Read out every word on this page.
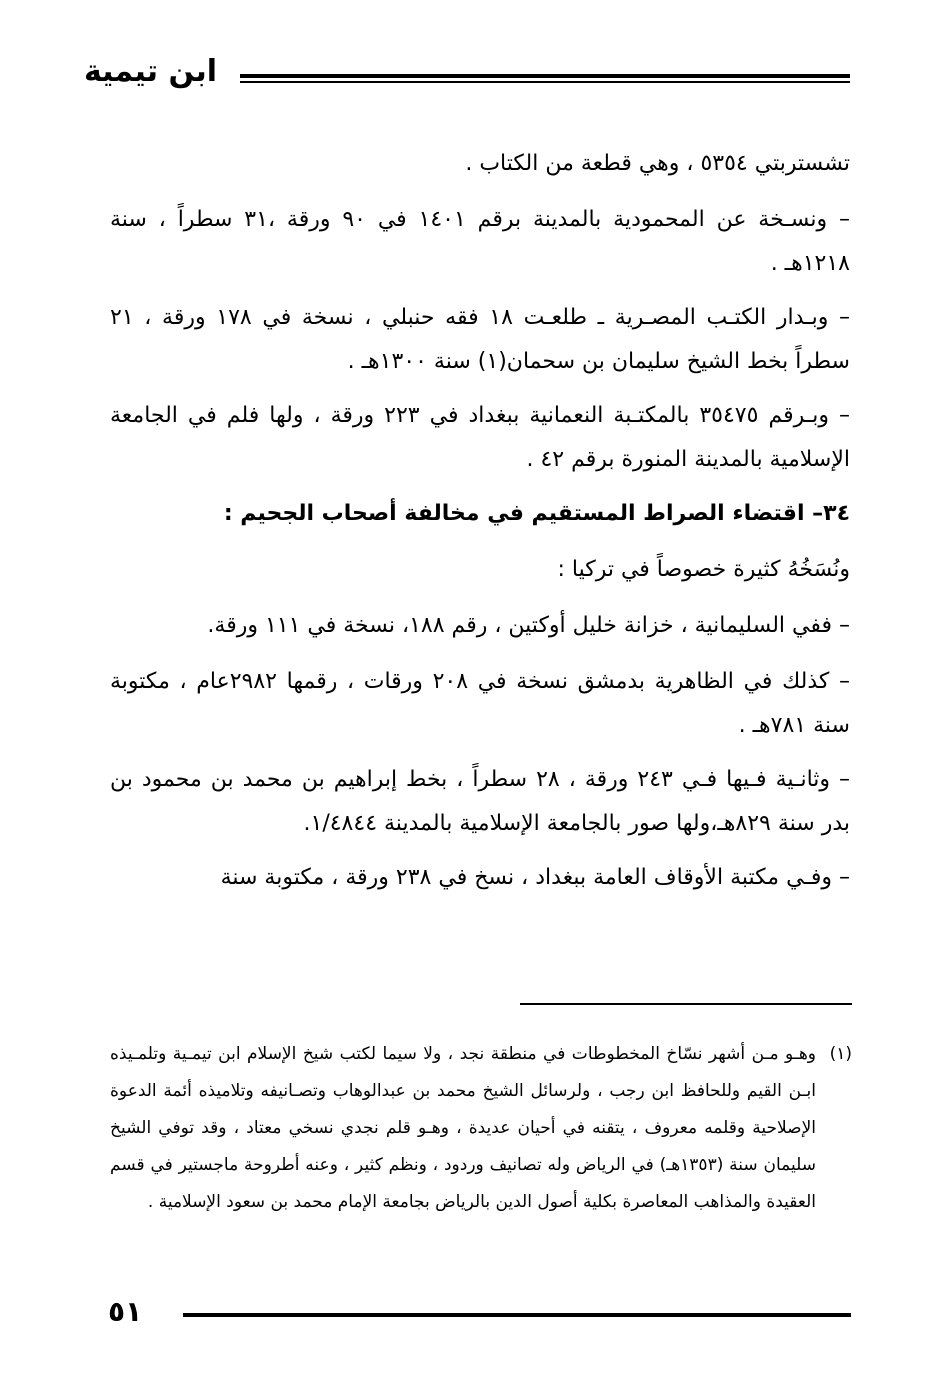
ابن تيمية

تشستربتي ٥٣٥٤ ، وهي قطعة من الكتاب .

– ونسـخة عن المحمودية بالمدينة برقم ١٤٠١ في ٩٠ ورقة ،٣١ سطراً ، سنة ١٢١٨هـ .

– وبـدار الكتـب المصـرية ـ طلعـت ١٨ فقه حنبلي ، نسخة في ١٧٨ ورقة ، ٢١ سطراً بخط الشيخ سليمان بن سحمان(١) سنة ١٣٠٠هـ .

– وبـرقم ٣٥٤٧٥ بالمكتـبة النعمانية ببغداد في ٢٢٣ ورقة ، ولها فلم في الجامعة الإسلامية بالمدينة المنورة برقم ٤٢ .

٣٤– اقتضاء الصراط المستقيم في مخالفة أصحاب الجحيم :

ونُسَخُهُ كثيرة خصوصاً في تركيا :

– ففي السليمانية ، خزانة خليل أوكتين ، رقم ١٨٨، نسخة في ١١١ ورقة.

– كذلك في الظاهرية بدمشق نسخة في ٢٠٨ ورقات ، رقمها ٢٩٨٢عام ، مكتوبة سنة ٧٨١هـ .

– وثانـية فـيها فـي ٢٤٣ ورقة ، ٢٨ سطراً ، بخط إبراهيم بن محمد بن محمود بن بدر سنة ٨٢٩هـ،ولها صور بالجامعة الإسلامية بالمدينة ١/٤٨٤٤.

– وفـي مكتبة الأوقاف العامة ببغداد ، نسخ في ٢٣٨ ورقة ، مكتوبة سنة

(١)
وهـو مـن أشهر نسّاخ المخطوطات في منطقة نجد ، ولا سيما لكتب شيخ الإسلام ابن تيمـية وتلمـيذه ابـن القيم وللحافظ ابن رجب ، ولرسائل الشيخ محمد بن عبدالوهاب وتصـانيفه وتلاميذه أئمة الدعوة الإصلاحية وقلمه معروف ، يتقنه في أحيان عديدة ، وهـو قلم نجدي نسخي معتاد ، وقد توفي الشيخ سليمان سنة (١٣٥٣هـ) في الرياض وله تصانيف وردود ، ونظم كثير ، وعنه أطروحة ماجستير في قسم العقيدة والمذاهب المعاصرة بكلية أصول الدين بالرياض بجامعة الإمام محمد بن سعود الإسلامية .
٥١
